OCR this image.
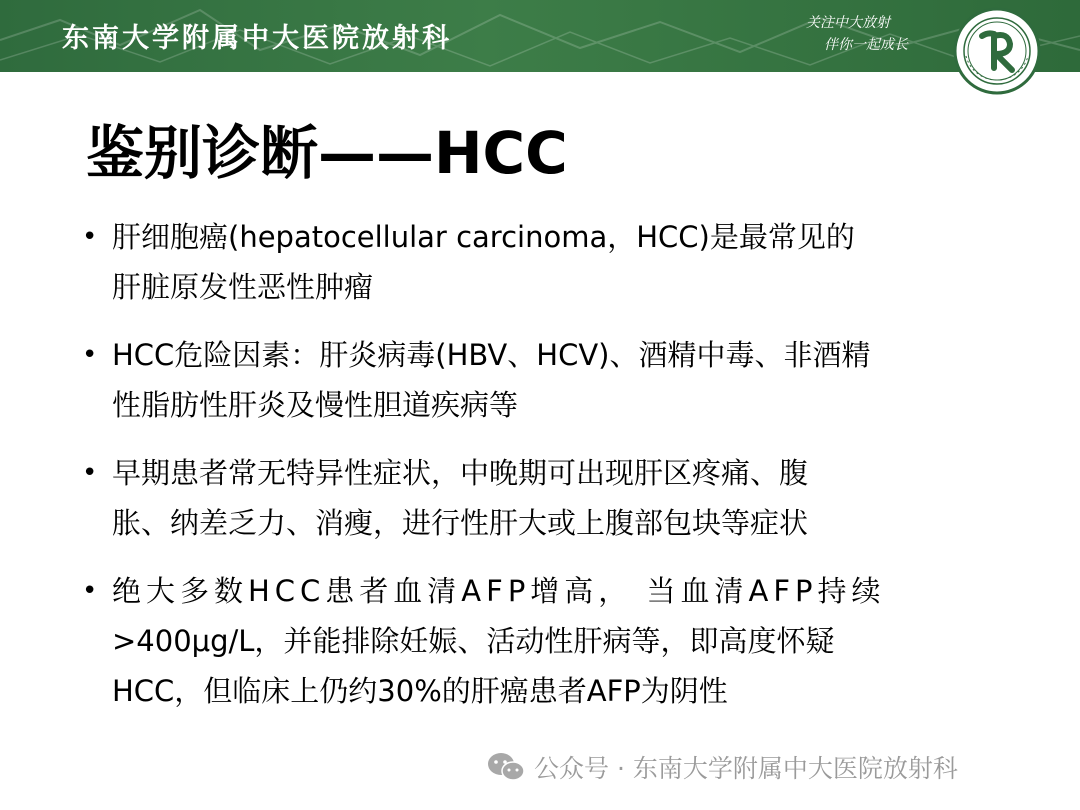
东南大学附属中大医院放射科	关注中大放射
伴你一起成长
鉴别诊断——HCC
• 肝细胞癌(hepatocellular carcinoma，HCC)是最常见的
肝脏原发性恶性肿瘤
• HCC危险因素：肝炎病毒(HBV、HCV)、酒精中毒、非酒精
性脂肪性肝炎及慢性胆道疾病等
• 早期患者常无特异性症状，中晚期可出现肝区疼痛、腹
胀、纳差乏力、消瘦，进行性肝大或上腹部包块等症状
• 绝大多数HCC患者血清AFP增高， 当血清AFP持续
>400μg/L，并能排除妊娠、活动性肝病等，即高度怀疑
HCC，但临床上仍约30%的肝癌患者AFP为阴性
公众号 · 东南大学附属中大医院放射科
